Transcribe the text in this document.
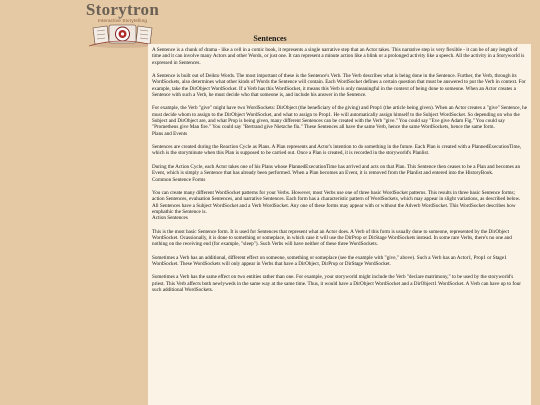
Storytron
Interactive Storytelling
Sentences

A Sentence is a chunk of drama - like a cell in a comic book, it represents a single narrative step that an Actor takes. This narrative step is very flexible - it can be of any length of time and it can involve many Actors and other Words, or just one. It can represent a minute action like a blink or a prolonged activity like a speech. All the activity in a Storyworld is expressed in Sentences.

A Sentence is built out of Deikto Words. The most important of these is the Sentence's Verb. The Verb describes what is being done in the Sentence. Further, the Verb, through its WordSockets, also determines what other kinds of Words the Sentence will contain. Each WordSocket defines a certain question that must be answered to put the Verb in context. For example, take the DirObject WordSocket. If a Verb has this WordSocket, it means this Verb is only meaningful in the context of being done to someone. When an Actor creates a Sentence with such a Verb, he must decide who that someone is, and include his answer in the Sentence.

For example, the Verb "give" might have two WordSockets: DirObject (the beneficiary of the giving) and Prop1 (the article being given). When an Actor creates a "give" Sentence, he must decide whom to assign to the DirObject WordSocket, and what to assign to Prop1. He will automatically assign himself to the Subject WordSocket. So depending on who the Subject and DirObject are, and what Prop is being given, many different Sentences can be created with the Verb "give." You could say "Eve give Adam Fig." You could say "Prometheus give Man fire." You could say "Bertrand give Nietzche flu." These Sentences all have the same Verb, hence the same WordSockets, hence the same form.
Plans and Events

Sentences are created during the Reaction Cycle as Plans. A Plan represents and Actor's intention to do something in the future. Each Plan is created with a PlannedExecutionTime, which is the storyminute when this Plan is supposed to be carried out. Once a Plan is created, it is recorded in the storyworld's Planlist.

During the Action Cycle, each Actor takes one of his Plans whose PlannedExecutionTime has arrived and acts on that Plan. This Sentence then ceases to be a Plan and becomes an Event, which is simply a Sentence that has already been performed. When a Plan becomes an Event, it is removed from the Planlist and entered into the HistoryBook.
Common Sentence Forms

You can create many different WordSocket patterns for your Verbs. However, most Verbs use one of three basic WordSocket patterns. This results in three basic Sentence forms; action Sentences, evaluation Sentences, and narrative Sentences. Each form has a characteristic pattern of WordSockets, which may appear in slight variations, as described below. All Sentences have a Subject WordSocket and a Verb WordSocket. Any one of these forms may appear with or without the Adverb WordSocket. This WordSocket describes how emphathic the Sentence is.
Action Sentences

This is the most basic Sentence form. It is used for Sentences that represent what an Actor does. A Verb of this form is usually done to someone, represented by the DirObject WordSocket. Ocassionally, it is done to something or someplace, in which case it will use the DirProp or DirStage WordSockets instead. In some rare Verbs, there's no one and nothing on the receiving end (for example, "sleep"). Such Verbs will have neither of these three WordSockets.

Sometimes a Verb has an additional, different effect on someone, something or someplace (see the example with "give," above). Such a Verb has an Actor1, Prop1 or Stage1 WordSocket. These WordSockets will only appear in Verbs that have a DirObject, DirProp or DirStage WordSocket.

Sometimes a Verb has the same effect on two entities rather than one. For example, your storyworld might include the Verb "declare matrimony," to be used by the storyworld's priest. This Verb affects both newlyweds in the same way at the same time. Thus, it would have a DirObject WordSocket and a DirObject1 WordSocket. A Verb can have up to four such additional WordSockets.
